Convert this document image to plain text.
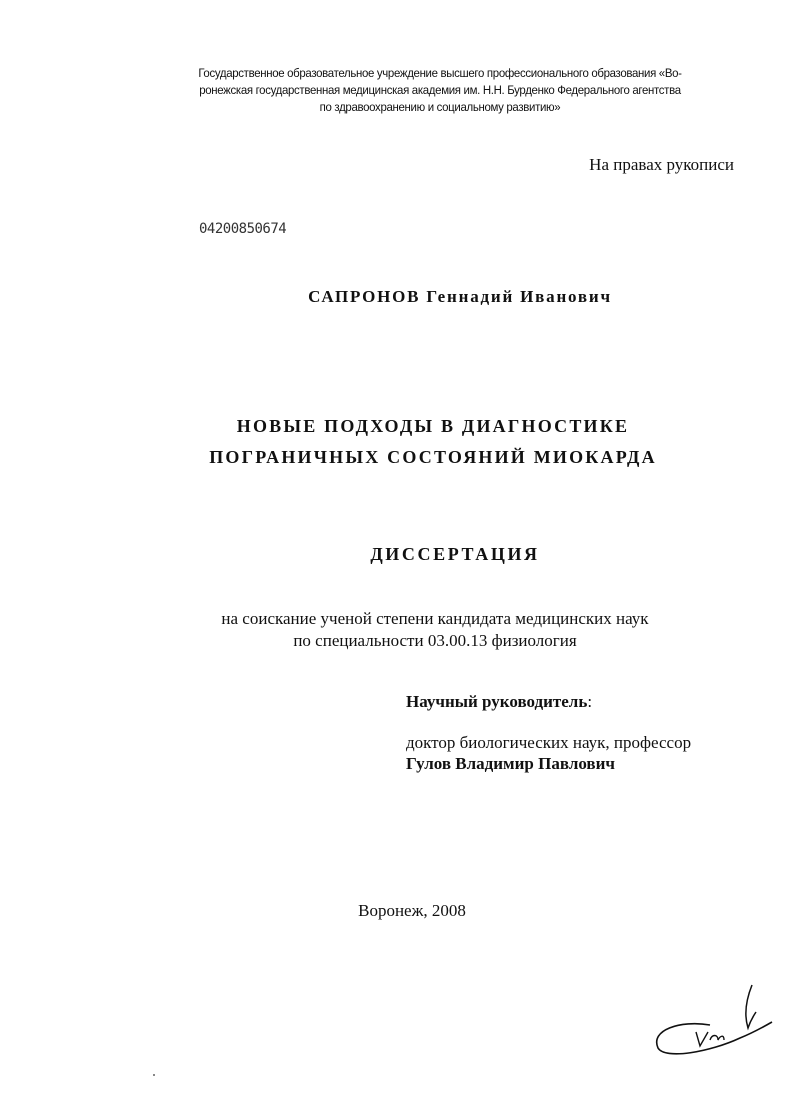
Государственное образовательное учреждение высшего профессионального образования «Во-
ронежская государственная медицинская академия им. Н.Н. Бурденко Федерального агентства
по здравоохранению и социальному развитию»
На правах рукописи
04200850674
САПРОНОВ Геннадий Иванович
НОВЫЕ ПОДХОДЫ В ДИАГНОСТИКЕ
ПОГРАНИЧНЫХ СОСТОЯНИЙ МИОКАРДА
ДИССЕРТАЦИЯ
на соискание ученой степени кандидата медицинских наук
по специальности 03.00.13 физиология
Научный руководитель:
доктор биологических наук, профессор
Гулов Владимир Павлович
Воронеж, 2008
